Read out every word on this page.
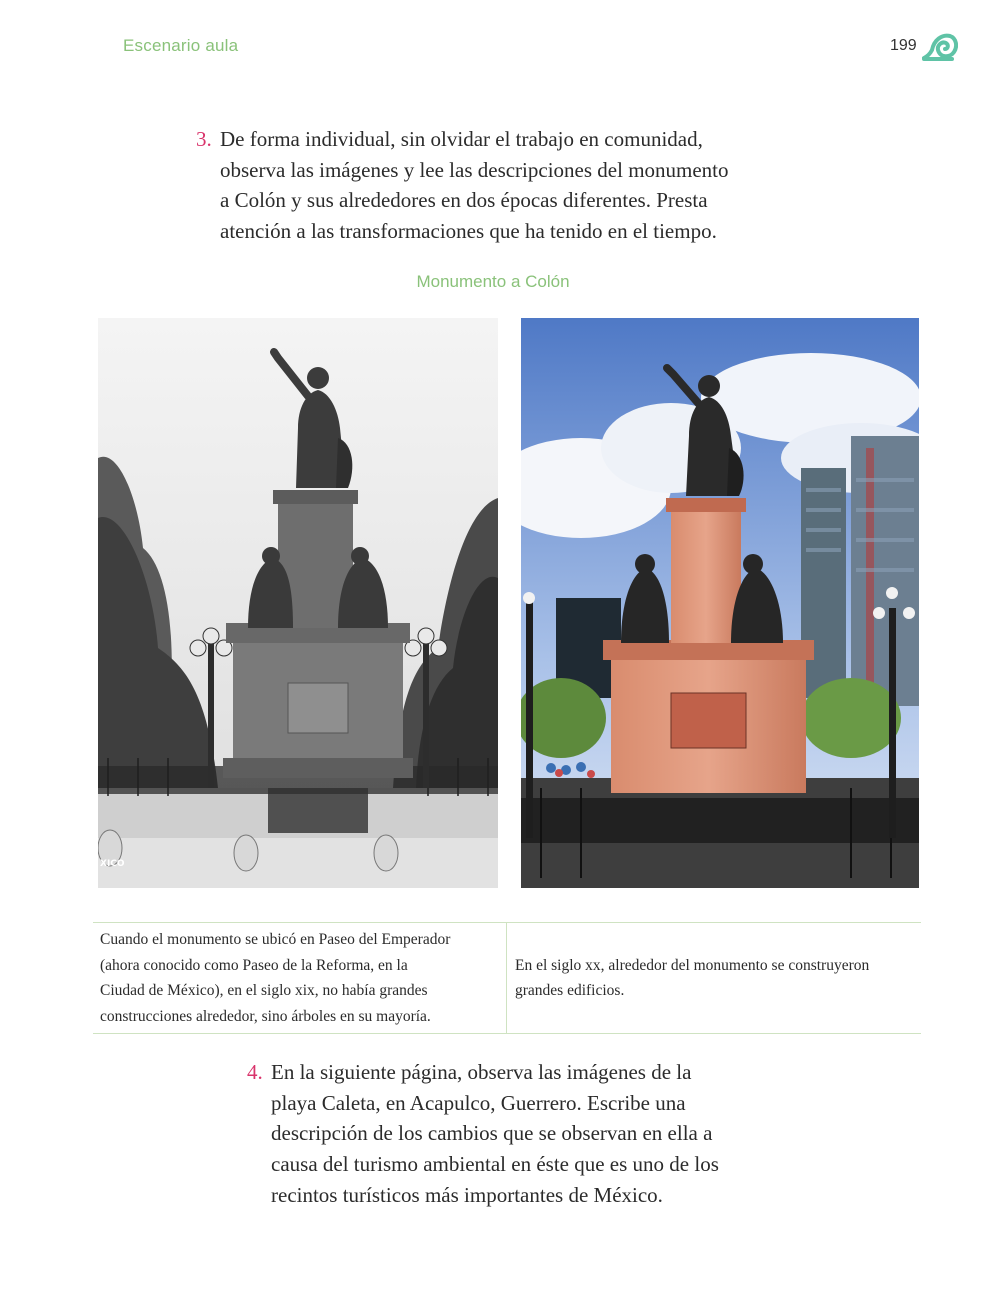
Escenario aula	199
3. De forma individual, sin olvidar el trabajo en comunidad,
observa las imágenes y lee las descripciones del monumento
a Colón y sus alrededores en dos épocas diferentes. Presta
atención a las transformaciones que ha tenido en el tiempo.
Monumento a Colón
XICO
Cuando el monumento se ubicó en Paseo del Emperador
(ahora conocido como Paseo de la Reforma, en la
Ciudad de México), en el siglo xix, no había grandes
construcciones alrededor, sino árboles en su mayoría.
En el siglo xx, alrededor del monumento se construyeron
grandes edificios.
4. En la siguiente página, observa las imágenes de la
playa Caleta, en Acapulco, Guerrero. Escribe una
descripción de los cambios que se observan en ella a
causa del turismo ambiental en éste que es uno de los
recintos turísticos más importantes de México.
